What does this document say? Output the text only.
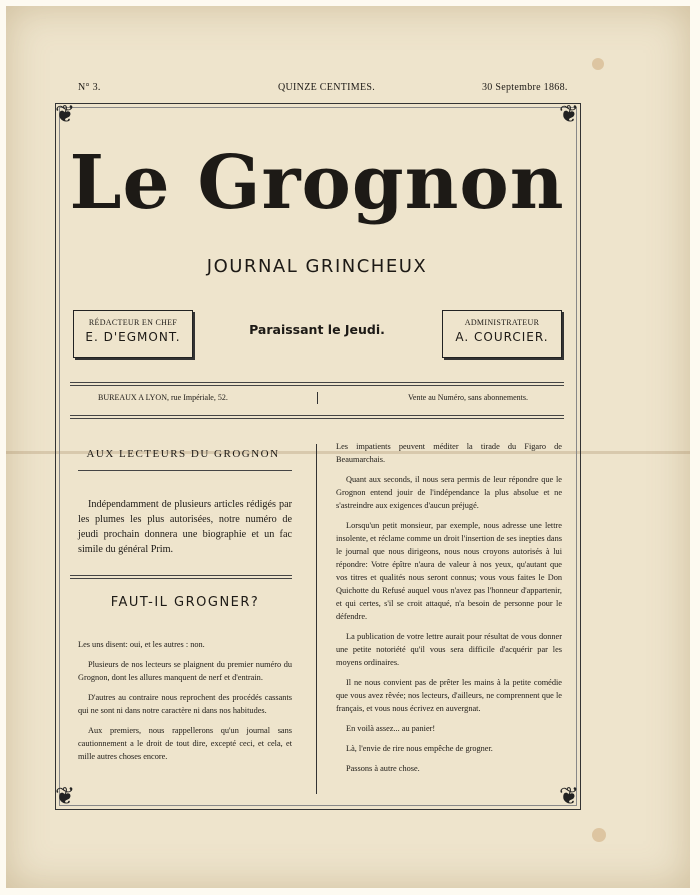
N° 3.	QUINZE CENTIMES.	30 Septembre 1868.
❦	❦
❦	❦
Le Grognon
JOURNAL GRINCHEUX
RÉDACTEUR EN CHEF
E. D'EGMONT.	Paraissant le Jeudi.	ADMINISTRATEUR
A. COURCIER.
BUREAUX A LYON, rue Impériale, 52.	Vente au Numéro, sans abonnements.
AUX LECTEURS DU GROGNON
Indépendamment de plusieurs articles rédigés par les plumes les plus autorisées, notre numéro de jeudi prochain donnera une biographie et un fac simile du général Prim.
FAUT-IL GROGNER?

Les uns disent: oui, et les autres : non.

Plusieurs de nos lecteurs se plaignent du premier numéro du Grognon, dont les allures manquent de nerf et d'entrain.

D'autres au contraire nous reprochent des procédés cassants qui ne sont ni dans notre caractère ni dans nos habitudes.

Aux premiers, nous rappellerons qu'un journal sans cautionnement a le droit de tout dire, excepté ceci, et cela, et mille autres choses encore.

Les impatients peuvent méditer la tirade du Figaro de Beaumarchais.

Quant aux seconds, il nous sera permis de leur répondre que le Grognon entend jouir de l'indépendance la plus absolue et ne s'astreindre aux exigences d'aucun préjugé.

Lorsqu'un petit monsieur, par exemple, nous adresse une lettre insolente, et réclame comme un droit l'insertion de ses inepties dans le journal que nous dirigeons, nous nous croyons autorisés à lui répondre: Votre épître n'aura de valeur à nos yeux, qu'autant que vos titres et qualités nous seront connus; vous vous faites le Don Quichotte du Refusé auquel vous n'avez pas l'honneur d'appartenir, et qui certes, s'il se croit attaqué, n'a besoin de personne pour le défendre.

La publication de votre lettre aurait pour résultat de vous donner une petite notoriété qu'il vous sera difficile d'acquérir par les moyens ordinaires.

Il ne nous convient pas de prêter les mains à la petite comédie que vous avez rêvée; nos lecteurs, d'ailleurs, ne comprennent que le français, et vous nous écrivez en auvergnat.

En voilà assez... au panier!

Là, l'envie de rire nous empêche de grogner.

Passons à autre chose.
